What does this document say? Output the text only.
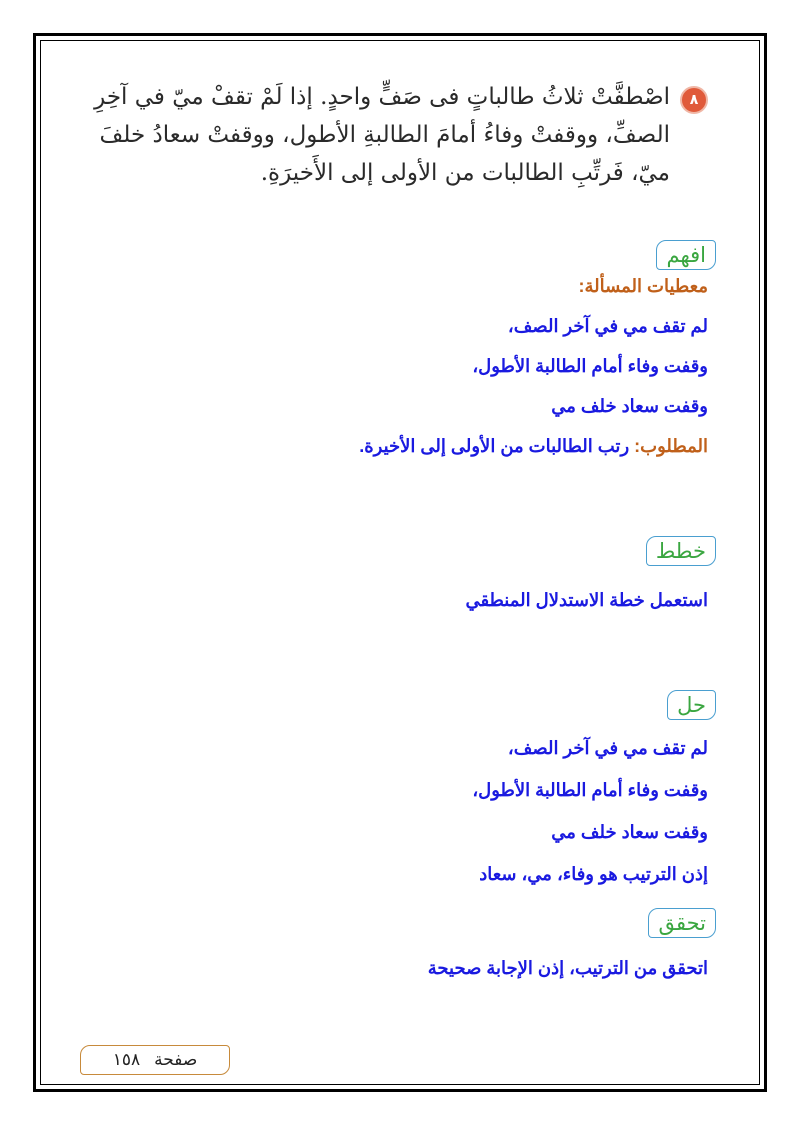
٨
اصْطفَّتْ ثلاثُ طالباتٍ فى صَفٍّ واحدٍ. إذا لَمْ تقفْ ميّ في آخِرِ الصفِّ، ووقفتْ وفاءُ أمامَ الطالبةِ الأطول، ووقفتْ سعادُ خلفَ ميّ، فَرتِّبِ الطالبات من الأولى إلى الأَخيرَةِ.
افهم
معطيات المسألة:
لم تقف مي في آخر الصف،
وقفت وفاء أمام الطالبة الأطول،
وقفت سعاد خلف مي
المطلوب: رتب الطالبات من الأولى إلى الأخيرة.
خطط
استعمل خطة الاستدلال المنطقي
حل
لم تقف مي في آخر الصف،
وقفت وفاء أمام الطالبة الأطول،
وقفت سعاد خلف مي
إذن الترتيب هو وفاء، مي، سعاد
تحقق
اتحقق من الترتيب، إذن الإجابة صحيحة
صفحة
١٥٨
